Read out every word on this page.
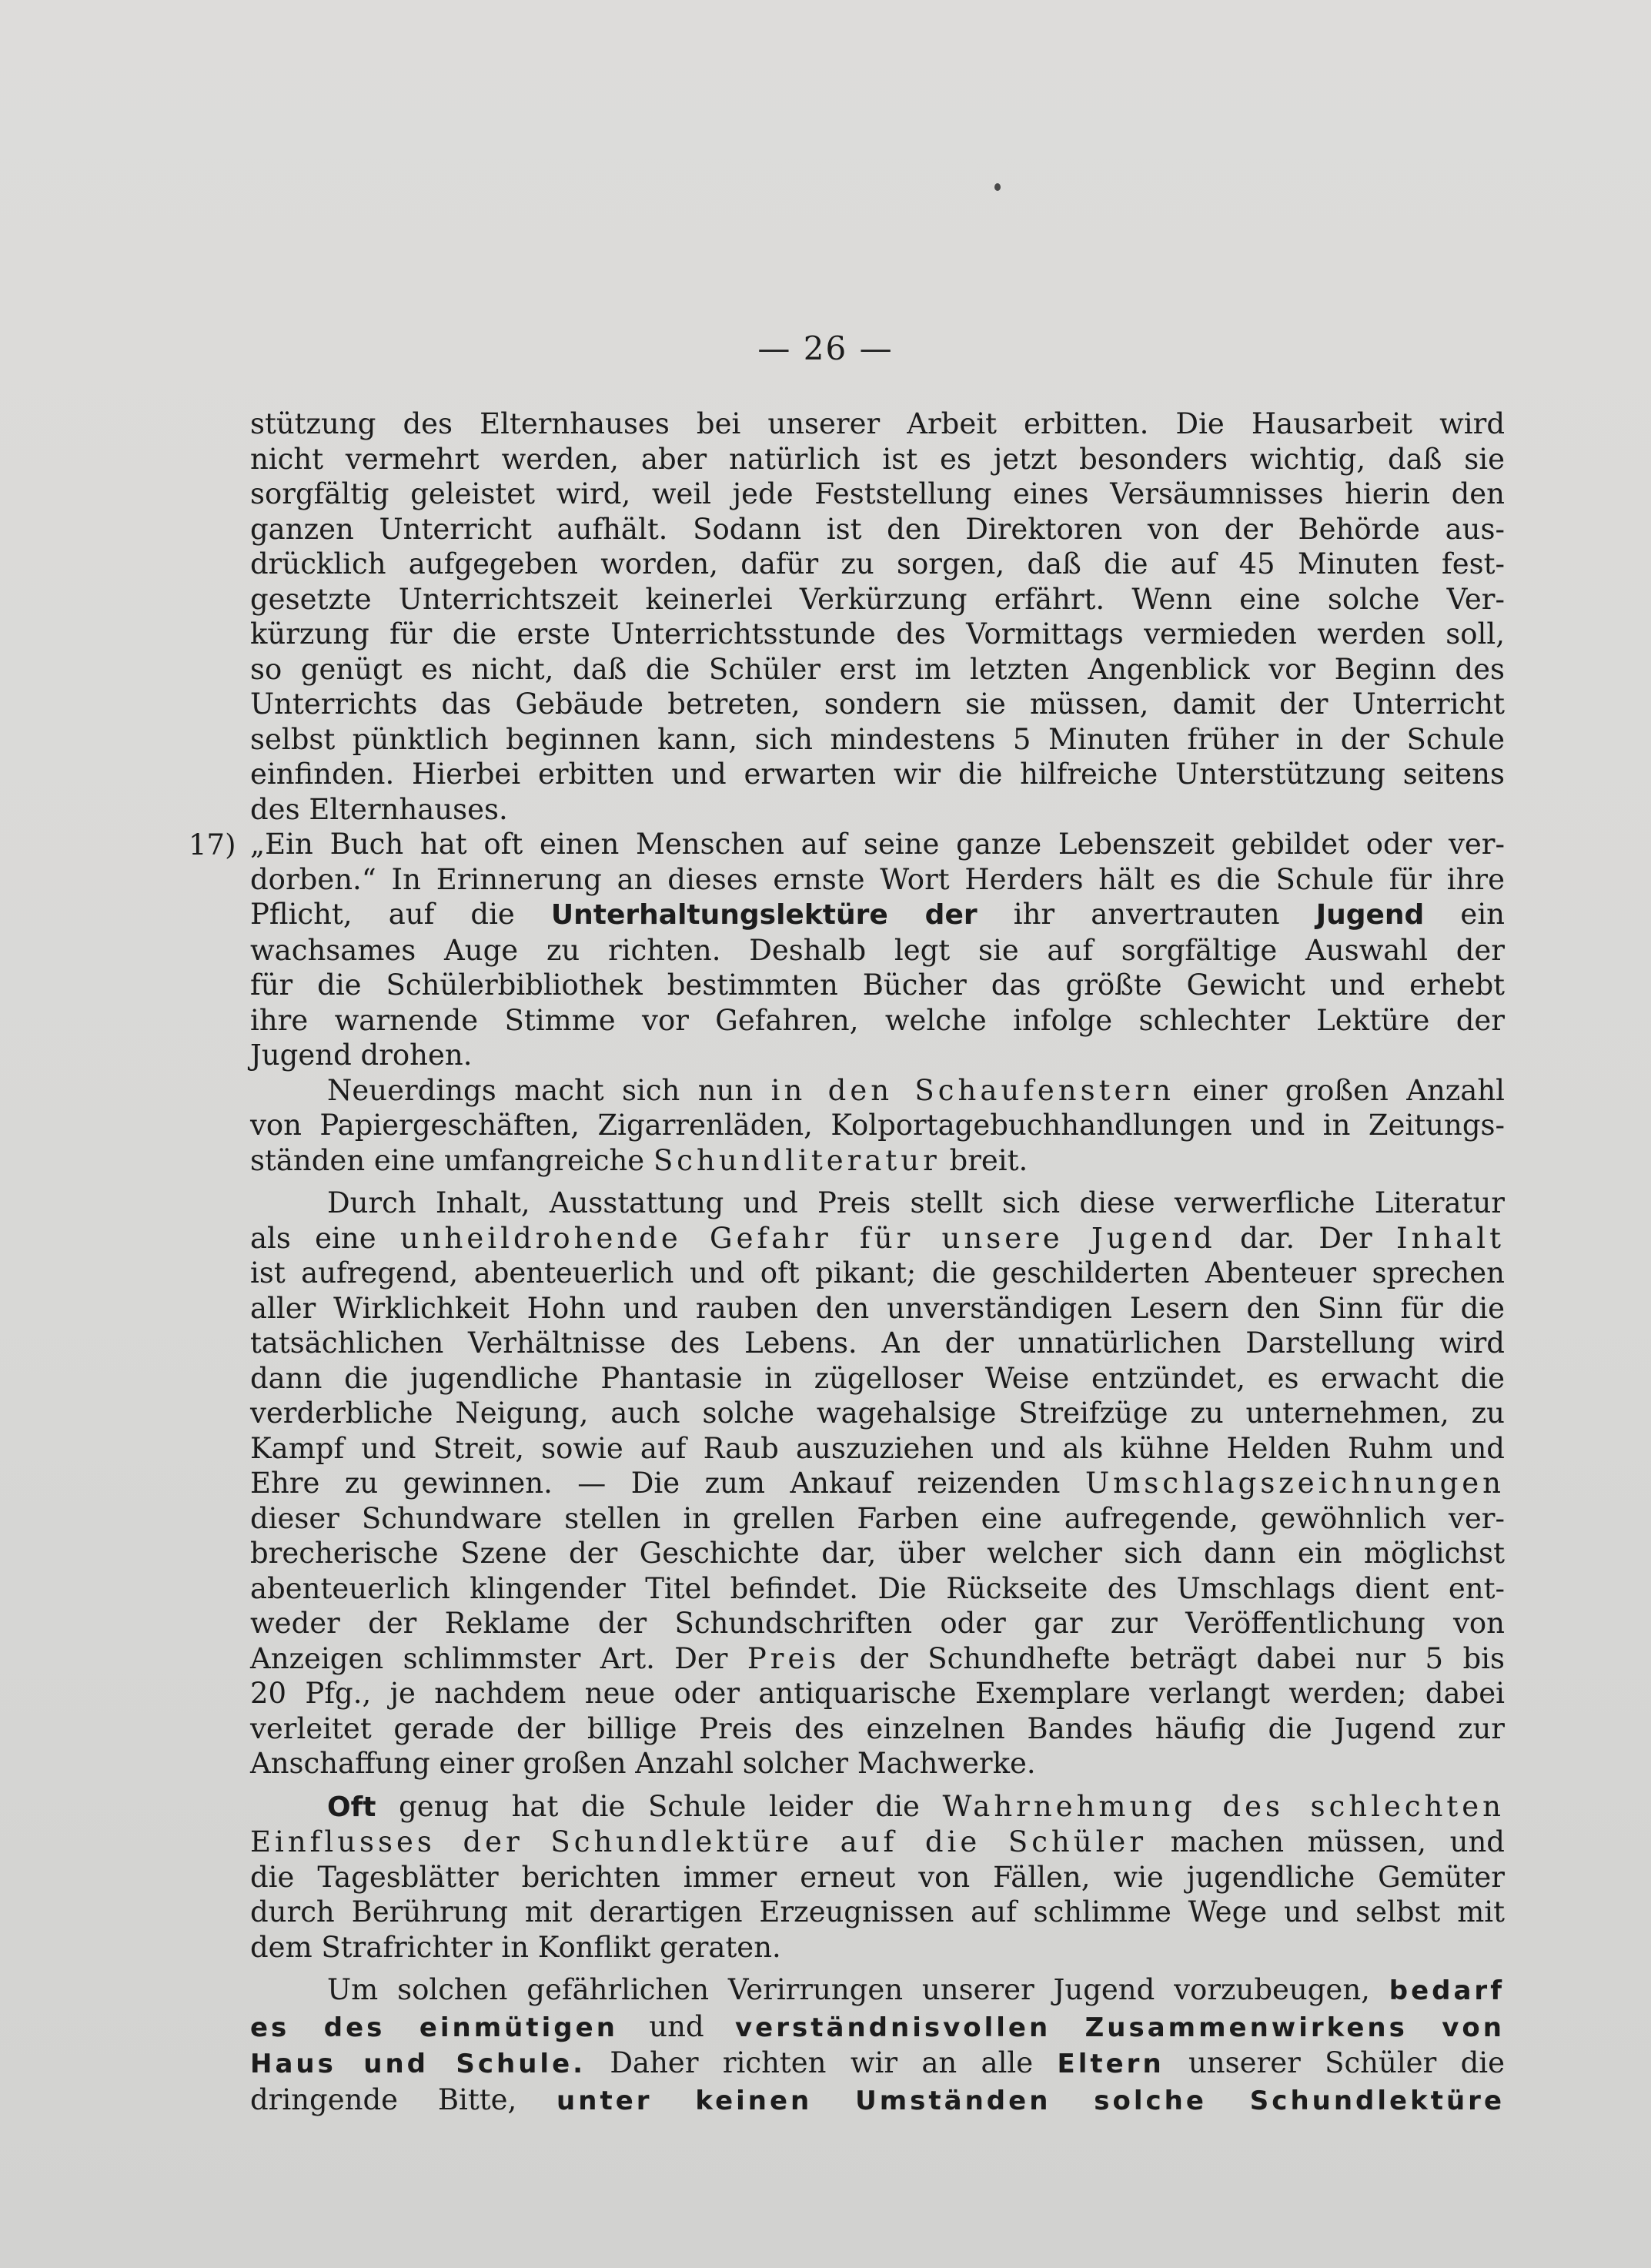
— 26 —
17)
stützung des Elternhauses bei unserer Arbeit erbitten. Die Hausarbeit wird
nicht vermehrt werden, aber natürlich ist es jetzt besonders wichtig, daß sie
sorgfältig geleistet wird, weil jede Feststellung eines Versäumnisses hierin den
ganzen Unterricht aufhält. Sodann ist den Direktoren von der Behörde aus-
drücklich aufgegeben worden, dafür zu sorgen, daß die auf 45 Minuten fest-
gesetzte Unterrichtszeit keinerlei Verkürzung erfährt. Wenn eine solche Ver-
kürzung für die erste Unterrichtsstunde des Vormittags vermieden werden soll,
so genügt es nicht, daß die Schüler erst im letzten Angenblick vor Beginn des
Unterrichts das Gebäude betreten, sondern sie müssen, damit der Unterricht
selbst pünktlich beginnen kann, sich mindestens 5 Minuten früher in der Schule
einfinden. Hierbei erbitten und erwarten wir die hilfreiche Unterstützung seitens
des Elternhauses.
„Ein Buch hat oft einen Menschen auf seine ganze Lebenszeit gebildet oder ver-
dorben.“ In Erinnerung an dieses ernste Wort Herders hält es die Schule für ihre
Pflicht, auf die Unterhaltungslektüre der ihr anvertrauten Jugend ein
wachsames Auge zu richten. Deshalb legt sie auf sorgfältige Auswahl der
für die Schülerbibliothek bestimmten Bücher das größte Gewicht und erhebt
ihre warnende Stimme vor Gefahren, welche infolge schlechter Lektüre der
Jugend drohen.
Neuerdings macht sich nun in den Schaufenstern einer großen Anzahl
von Papiergeschäften, Zigarrenläden, Kolportagebuchhandlungen und in Zeitungs-
ständen eine umfangreiche Schundliteratur breit.
Durch Inhalt, Ausstattung und Preis stellt sich diese verwerfliche Literatur
als eine unheildrohende Gefahr für unsere Jugend dar. Der Inhalt
ist aufregend, abenteuerlich und oft pikant; die geschilderten Abenteuer sprechen
aller Wirklichkeit Hohn und rauben den unverständigen Lesern den Sinn für die
tatsächlichen Verhältnisse des Lebens. An der unnatürlichen Darstellung wird
dann die jugendliche Phantasie in zügelloser Weise entzündet, es erwacht die
verderbliche Neigung, auch solche wagehalsige Streifzüge zu unternehmen, zu
Kampf und Streit, sowie auf Raub auszuziehen und als kühne Helden Ruhm und
Ehre zu gewinnen. — Die zum Ankauf reizenden Umschlagszeichnungen
dieser Schundware stellen in grellen Farben eine aufregende, gewöhnlich ver-
brecherische Szene der Geschichte dar, über welcher sich dann ein möglichst
abenteuerlich klingender Titel befindet. Die Rückseite des Umschlags dient ent-
weder der Reklame der Schundschriften oder gar zur Veröffentlichung von
Anzeigen schlimmster Art. Der Preis der Schundhefte beträgt dabei nur 5 bis
20 Pfg., je nachdem neue oder antiquarische Exemplare verlangt werden; dabei
verleitet gerade der billige Preis des einzelnen Bandes häufig die Jugend zur
Anschaffung einer großen Anzahl solcher Machwerke.
Oft genug hat die Schule leider die Wahrnehmung des schlechten
Einflusses der Schundlektüre auf die Schüler machen müssen, und
die Tagesblätter berichten immer erneut von Fällen, wie jugendliche Gemüter
durch Berührung mit derartigen Erzeugnissen auf schlimme Wege und selbst mit
dem Strafrichter in Konflikt geraten.
Um solchen gefährlichen Verirrungen unserer Jugend vorzubeugen, bedarf
es des einmütigen und verständnisvollen Zusammenwirkens von
Haus und Schule. Daher richten wir an alle Eltern unserer Schüler die
dringende Bitte, unter keinen Umständen solche Schundlektüre
